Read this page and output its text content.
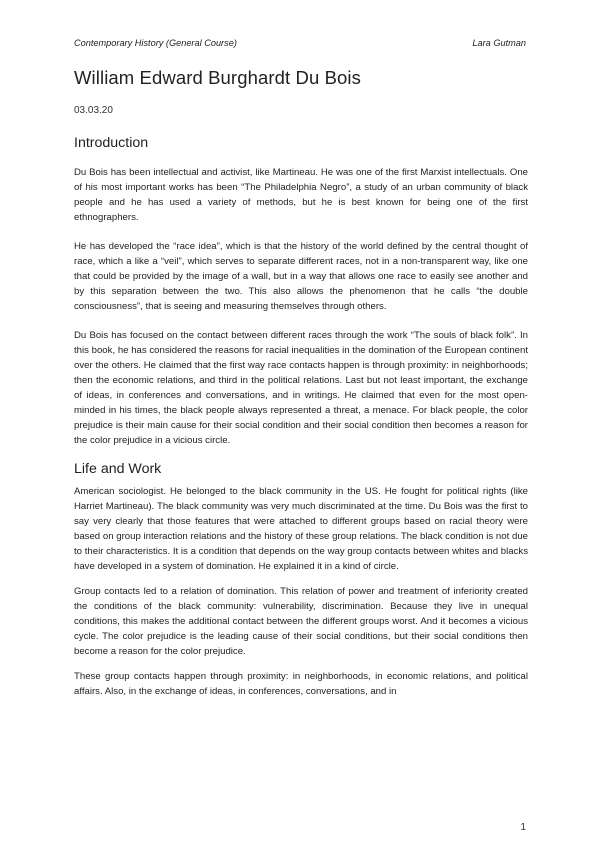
Contemporary History (General Course)	Lara Gutman
William Edward Burghardt Du Bois
03.03.20
Introduction

Du Bois has been intellectual and activist, like Martineau. He was one of the first Marxist intellectuals. One of his most important works has been “The Philadelphia Negro”, a study of an urban community of black people and he has used a variety of methods, but he is best known for being one of the first ethnographers.

He has developed the “race idea”, which is that the history of the world defined by the central thought of race, which a like a “veil”, which serves to separate different races, not in a non-transparent way, like one that could be provided by the image of a wall, but in a way that allows one race to easily see another and by this separation between the two. This also allows the phenomenon that he calls “the double consciousness”, that is seeing and measuring themselves through others.

Du Bois has focused on the contact between different races through the work “The souls of black folk”. In this book, he has considered the reasons for racial inequalities in the domination of the European continent over the others. He claimed that the first way race contacts happen is through proximity: in neighborhoods; then the economic relations, and third in the political relations. Last but not least important, the exchange of ideas, in conferences and conversations, and in writings. He claimed that even for the most open-minded in his times, the black people always represented a threat, a menace. For black people, the color prejudice is their main cause for their social condition and their social condition then becomes a reason for the color prejudice in a vicious circle.

Life and Work

American sociologist. He belonged to the black community in the US. He fought for political rights (like Harriet Martineau). The black community was very much discriminated at the time. Du Bois was the first to say very clearly that those features that were attached to different groups based on racial theory were based on group interaction relations and the history of these group relations. The black condition is not due to their characteristics. It is a condition that depends on the way group contacts between whites and blacks have developed in a system of domination. He explained it in a kind of circle.

Group contacts led to a relation of domination. This relation of power and treatment of inferiority created the conditions of the black community: vulnerability, discrimination. Because they live in unequal conditions, this makes the additional contact between the different groups worst. And it becomes a vicious cycle. The color prejudice is the leading cause of their social conditions, but their social conditions then become a reason for the color prejudice.

These group contacts happen through proximity: in neighborhoods, in economic relations, and political affairs. Also, in the exchange of ideas, in conferences, conversations, and in

1
